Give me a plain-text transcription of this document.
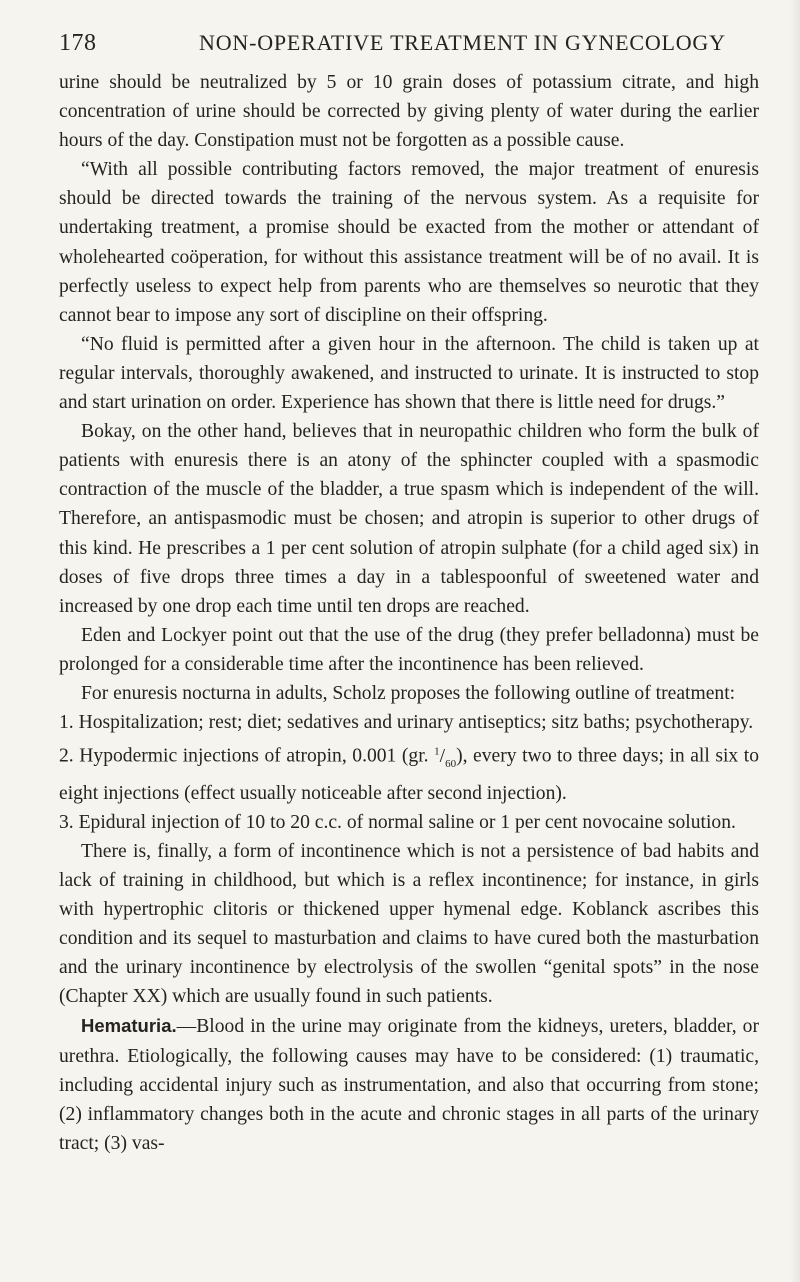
178	NON-OPERATIVE TREATMENT IN GYNECOLOGY

urine should be neutralized by 5 or 10 grain doses of potassium citrate, and high concentration of urine should be corrected by giving plenty of water during the earlier hours of the day. Constipation must not be forgotten as a possible cause.

“With all possible contributing factors removed, the major treatment of enuresis should be directed towards the training of the nervous system. As a requisite for undertaking treatment, a promise should be exacted from the mother or attendant of wholehearted coöperation, for without this assistance treatment will be of no avail. It is perfectly useless to expect help from parents who are themselves so neurotic that they cannot bear to impose any sort of discipline on their offspring.

“No fluid is permitted after a given hour in the afternoon. The child is taken up at regular intervals, thoroughly awakened, and instructed to urinate. It is instructed to stop and start urination on order. Experience has shown that there is little need for drugs.”

Bokay, on the other hand, believes that in neuropathic children who form the bulk of patients with enuresis there is an atony of the sphincter coupled with a spasmodic contraction of the muscle of the bladder, a true spasm which is independent of the will. Therefore, an antispasmodic must be chosen; and atropin is superior to other drugs of this kind. He prescribes a 1 per cent solution of atropin sulphate (for a child aged six) in doses of five drops three times a day in a tablespoonful of sweetened water and increased by one drop each time until ten drops are reached.

Eden and Lockyer point out that the use of the drug (they prefer belladonna) must be prolonged for a considerable time after the incontinence has been relieved.

For enuresis nocturna in adults, Scholz proposes the following outline of treatment:

1. Hospitalization; rest; diet; sedatives and urinary antiseptics; sitz baths; psychotherapy.

2. Hypodermic injections of atropin, 0.001 (gr. $^1/_{60}$), every two to three days; in all six to eight injections (effect usually noticeable after second injection).

3. Epidural injection of 10 to 20 c.c. of normal saline or 1 per cent novocaine solution.

There is, finally, a form of incontinence which is not a persistence of bad habits and lack of training in childhood, but which is a reflex incontinence; for instance, in girls with hypertrophic clitoris or thickened upper hymenal edge. Koblanck ascribes this condition and its sequel to masturbation and claims to have cured both the masturbation and the urinary incontinence by electrolysis of the swollen “genital spots” in the nose (Chapter XX) which are usually found in such patients.

Hematuria.—Blood in the urine may originate from the kidneys, ureters, bladder, or urethra. Etiologically, the following causes may have to be considered: (1) traumatic, including accidental injury such as instrumentation, and also that occurring from stone; (2) inflammatory changes both in the acute and chronic stages in all parts of the urinary tract; (3) vas-
